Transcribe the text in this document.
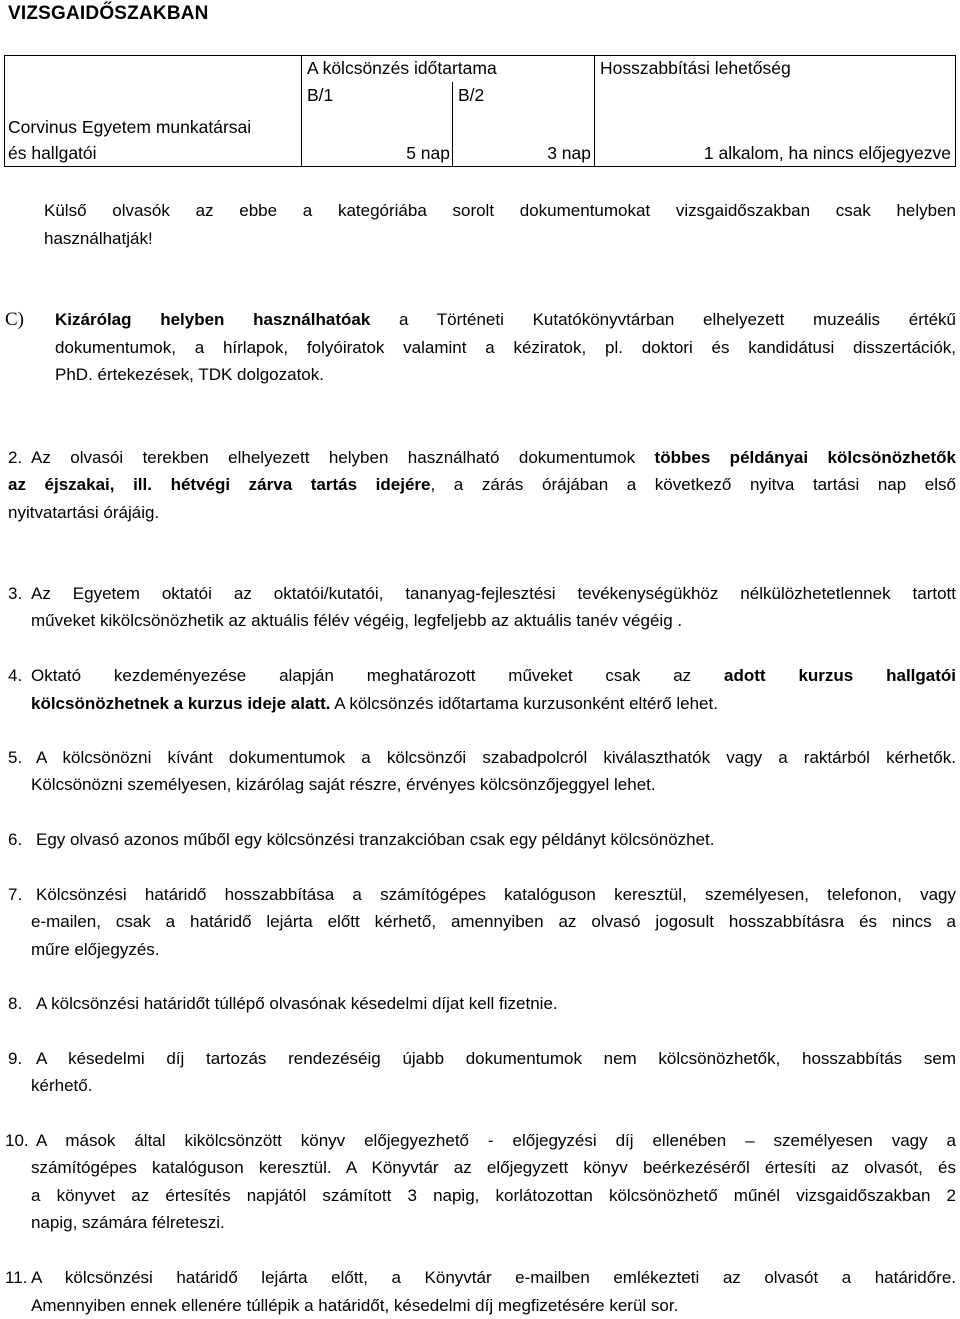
VIZSGAIDŐSZAKBAN
A kölcsönzés időtartama	Hosszabbítási lehetőség
B/1	B/2
Corvinus Egyetem munkatársai
és hallgatói	5 nap	3 nap	1 alkalom, ha nincs előjegyezve
Külső olvasók az ebbe a kategóriába sorolt dokumentumokat vizsgaidőszakban csak helyben
használhatják!
C) Kizárólag helyben használhatóak a Történeti Kutatókönyvtárban elhelyezett muzeális értékű
dokumentumok, a hírlapok, folyóiratok valamint a kéziratok, pl. doktori és kandidátusi disszertációk,
PhD. értekezések, TDK dolgozatok.
2. Az olvasói terekben elhelyezett helyben használható dokumentumok többes példányai kölcsönözhetők
az éjszakai, ill. hétvégi zárva tartás idejére, a zárás órájában a következő nyitva tartási nap első
nyitvatartási órájáig.
3. Az Egyetem oktatói az oktatói/kutatói, tananyag-fejlesztési tevékenységükhöz nélkülözhetetlennek tartott
műveket kikölcsönözhetik az aktuális félév végéig, legfeljebb az aktuális tanév végéig .
4. Oktató kezdeményezése alapján meghatározott műveket csak az adott kurzus hallgatói
kölcsönözhetnek a kurzus ideje alatt. A kölcsönzés időtartama kurzusonként eltérő lehet.
5. A kölcsönözni kívánt dokumentumok a kölcsönzői szabadpolcról kiválaszthatók vagy a raktárból kérhetők.
Kölcsönözni személyesen, kizárólag saját részre, érvényes kölcsönzőjeggyel lehet.
6. Egy olvasó azonos műből egy kölcsönzési tranzakcióban csak egy példányt kölcsönözhet.
7. Kölcsönzési határidő hosszabbítása a számítógépes katalóguson keresztül, személyesen, telefonon, vagy
e-mailen, csak a határidő lejárta előtt kérhető, amennyiben az olvasó jogosult hosszabbításra és nincs a
műre előjegyzés.
8. A kölcsönzési határidőt túllépő olvasónak késedelmi díjat kell fizetnie.
9. A késedelmi díj tartozás rendezéséig újabb dokumentumok nem kölcsönözhetők, hosszabbítás sem
kérhető.
10. A mások által kikölcsönzött könyv előjegyezhető - előjegyzési díj ellenében – személyesen vagy a
számítógépes katalóguson keresztül. A Könyvtár az előjegyzett könyv beérkezéséről értesíti az olvasót, és
a könyvet az értesítés napjától számított 3 napig, korlátozottan kölcsönözhető műnél vizsgaidőszakban 2
napig, számára félreteszi.
11. A kölcsönzési határidő lejárta előtt, a Könyvtár e-mailben emlékezteti az olvasót a határidőre.
Amennyiben ennek ellenére túllépik a határidőt, késedelmi díj megfizetésére kerül sor.
